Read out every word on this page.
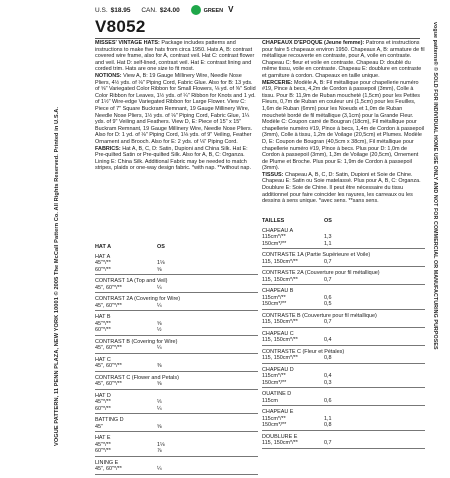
VOGUE PATTERN, 11 PENN PLAZA, NEW YORK 10001 © 2005 The McCall Pattern Co. All Rights Reserved. Printed in U.S.A.	vogue patterns® © SOLD FOR INDIVIDUAL HOME USE ONLY AND NOT FOR COMMERCIAL OR MANUFACTURING PURPOSES
U.S. $18.95 CAN. $24.00	GREEN V
V8052

MISSES' VINTAGE HATS: Package includes patterns and instructions to make five hats from circa 1950. Hats A, B: contrast covered wire frame, also for A, contrast veil. Hat C: contrast flower and veil. Hat D: self-lined, contrast veil. Hat E: contrast lining and corded trim. Hats are one size to fit most.

NOTIONS: View A, B: 19 Gauge Millinery Wire, Needle Nose Pliers, 4½ yds. of ⅛" Piping Cord, Fabric Glue. Also for B: 13 yds. of ⅝" Variegated Color Ribbon for Small Flowers, ⅛ yd. of ⅝" Solid Color Ribbon for Leaves, 1½ yds. of ¼" Ribbon for Knots and 1 yd. of 1½" Wire-edge Variegated Ribbon for Large Flower. View C: Piece of 7" Square Buckram Remnant, 19 Gauge Millinery Wire, Needle Nose Pliers, 1½ yds. of ⅛" Piping Cord, Fabric Glue, 1¼ yds. of 9" Veiling and Feathers. View D, E: Piece of 15" x 15" Buckram Remnant, 19 Gauge Millinery Wire, Needle Nose Pliers. Also for D: 1 yd. of ⅛" Piping Cord, 1⅛ yds. of 9" Veiling, Feather Ornament and Brooch. Also for E: 2 yds. of ⅛" Piping Cord.

FABRICS: Hat A, B, C, D: Satin, Dupioni and China Silk. Hat E: Pre-quilted Satin or Pre-quilted Silk. Also for A, B, C: Organza. Lining E: China Silk. Additional Fabric may be needed to match stripes, plaids or one-way design fabric. *with nap. **without nap.

CHAPEAUX D'EPOQUE (Jeune femme): Patrons et instructions pour faire 5 chapeaux environ 1950. Chapeaux A, B: armature de fil métallique recouverte en contraste, pour A, voile en contraste. Chapeau C: fleur et voile en contraste. Chapeau D: doublé du même tissu, voile en contraste. Chapeau E: doublure en contraste et garniture à cordon. Chapeaux en taille unique.

MERCERIE: Modèle A, B: Fil métallique pour chapellerie numéro #19, Pince à becs, 4,2m de Cordon à passepoil (3mm), Colle à tissu. Pour B: 11,9m de Ruban moucheté (1,5cm) pour les Petites Fleurs, 0,7m de Ruban en couleur uni (1,5cm) pour les Feuilles, 1,6m de Ruban (6mm) pour les Noeuds et 1,0m de Ruban moucheté bordé de fil métallique (3,1cm) pour la Grande Fleur. Modèle C: Coupon carré de Bougran (18cm), Fil métallique pour chapellerie numéro #19, Pince à becs, 1,4m de Cordon à passepoil (3mm), Colle à tissu, 1,2m de Voilage (20,5cm) et Plumes. Modèle D, E: Coupon de Bougran (40,5cm x 38cm), Fil métallique pour chapellerie numéro #19, Pince à becs. Plus pour D: 1,0m de Cordon à passepoil (3mm), 1,3m de Voilage (20,5cm), Ornement de Plume et Broche. Plus pour E: 1,9m de Cordon à passepoil (3mm).

TISSUS: Chapeau A, B, C, D: Satin, Dupioni et Soie de Chine. Chapeau E: Satin ou Soie matelassé. Plus pour A, B, C: Organza. Doublure E: Soie de Chine. Il peut être nécessaire du tissu additionnel pour faire coincider les rayures, les carreaux ou les dessins à sens unique. *avec sens. **sans sens.

HAT A	OS
HAT A
45"*/**	1⅛
60"*/**	⅝
CONTRAST 1A (Top and Veil)
45", 60"*/**	¼
CONTRAST 2A (Covering for Wire)
45", 60"*/**	¼
HAT B
45"*/**	⅝
60"*/**	½
CONTRAST B (Covering for Wire)
45", 60"*/**	¼
HAT C
45", 60"*/**	⅜
CONTRAST C (Flower and Petals)
45", 60"*/**	⅝
HAT D
45"*/**	⅓
60"*/**	¼
BATTING D
45"	⅝
HAT E
45"*/**	1⅛
60"*/**	⅞
LINING E
45", 60"*/**	¼
TAILLES	OS
CHAPEAU A
115cm*/**	1,3
150cm*/**	1,1
CONTRASTE 1A (Partie Supérieure et Voile)
115, 150cm*/**	0,7
CONTRASTE 2A (Couverture pour fil métallique)
115, 150cm*/**	0,7
CHAPEAU B
115cm*/**	0,6
150cm*/**	0,5
CONTRASTE B (Couverture pour fil métallique)
115, 150cm*/**	0,7
CHAPEAU C
115, 150cm*/**	0,4
CONTRASTE C (Fleur et Pétales)
115, 150cm*/**	0,8
CHAPEAU D
115cm*/**	0,4
150cm*/**	0,3
OUATINE D
115cm	0,6
CHAPEAU E
115cm*/**	1,1
150cm*/**	0,8
DOUBLURE E
115, 150cm*/**	0,7
